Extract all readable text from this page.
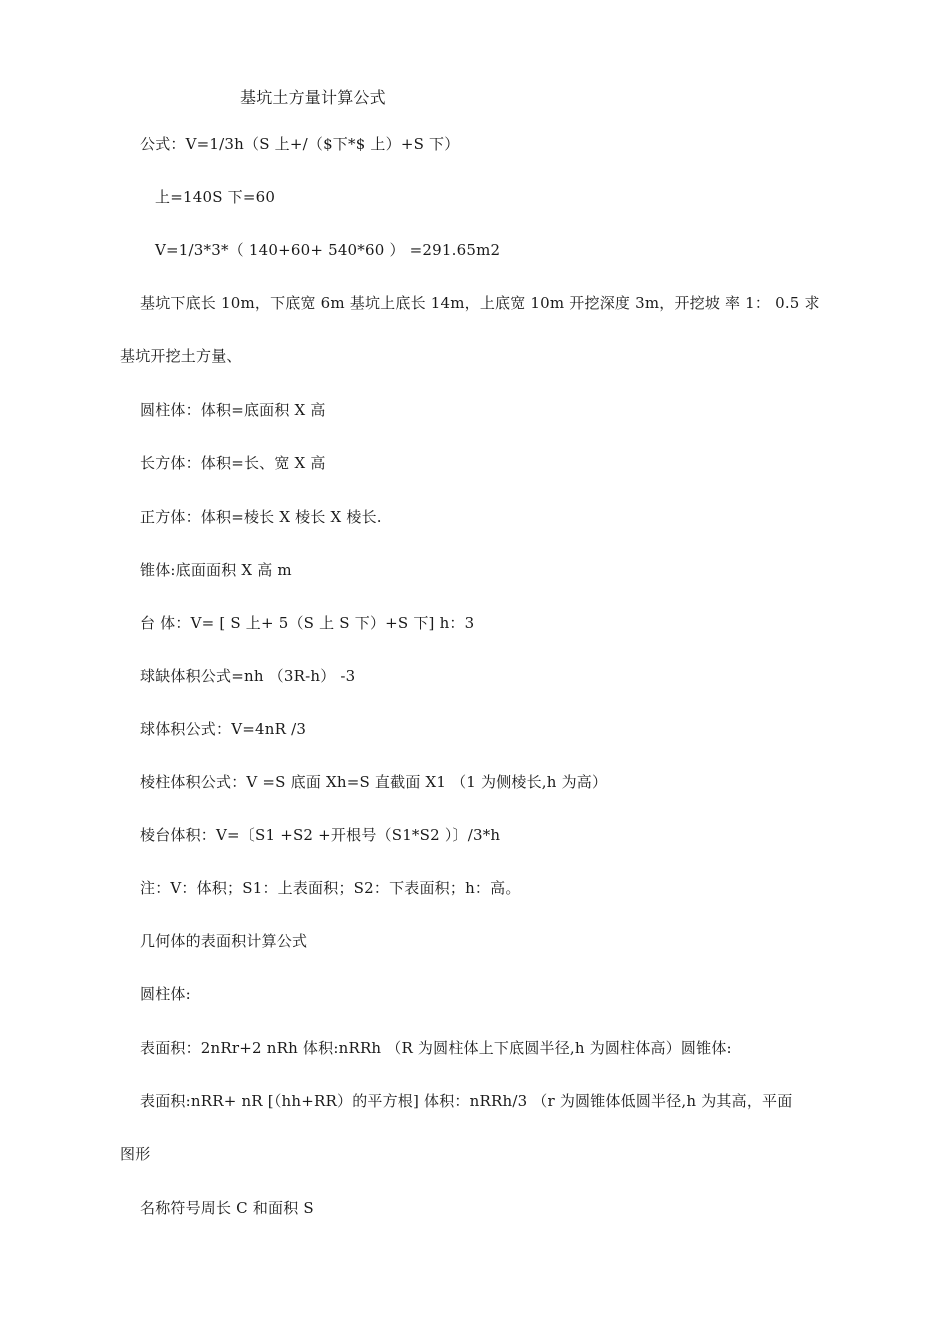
基坑土方量计算公式
公式：V=1/3h（S 上+/（$下*$ 上）+S 下）
上=140S 下=60
V=1/3*3*（ 140+60+ 540*60 ） =291.65m2
基坑下底长 10m，下底宽 6m 基坑上底长 14m，上底宽 10m 开挖深度 3m，开挖坡 率 1： 0.5 求
基坑开挖土方量、
圆柱体：体积=底面积 X 高
长方体：体积=长、宽 X 高
正方体：体积=棱长 X 棱长 X 棱长.
锥体:底面面积 X 高 m
台 体：V= [ S 上+ 5（S 上 S 下）+S 下] h：3
球缺体积公式=nh （3R-h） -3
球体积公式：V=4nR /3
棱柱体积公式：V =S 底面 Xh=S 直截面 X1 （1 为侧棱长,h 为高）
棱台体积：V=〔S1 +S2 +开根号（S1*S2 ）〕/3*h
注：V：体积；S1：上表面积；S2：下表面积；h：高。
几何体的表面积计算公式
圆柱体:
表面积：2nRr+2 nRh 体积:nRRh （R 为圆柱体上下底圆半径,h 为圆柱体高）圆锥体:
表面积:nRR+ nR [（hh+RR）的平方根] 体积：nRRh/3 （r 为圆锥体低圆半径,h 为其高，平面
图形
名称符号周长 C 和面积 S
